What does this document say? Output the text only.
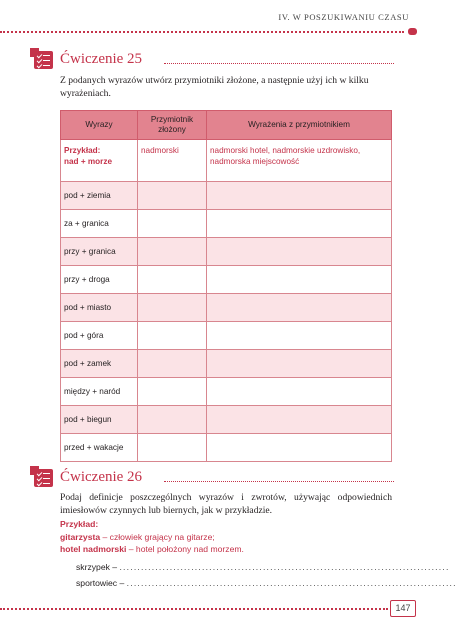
IV. W POSZUKIWANIU CZASU
Ćwiczenie 25
Z podanych wyrazów utwórz przymiotniki złożone, a następnie użyj ich w kilku wyrażeniach.
Wyrazy	Przymiotnik złożony	Wyrażenia z przymiotnikiem
Przykład:
nad + morze	nadmorski	nadmorski hotel, nadmorskie uzdrowisko, nadmorska miejscowość
pod + ziemia		
za + granica		
przy + granica		
przy + droga		
pod + miasto		
pod + góra		
pod + zamek		
między + naród		
pod + biegun		
przed + wakacje		
Ćwiczenie 26
Podaj definicje poszczególnych wyrazów i zwrotów, używając odpowiednich imiesłowów czynnych lub biernych, jak w przykładzie.
Przykład:
gitarzysta – człowiek grający na gitarze;
hotel nadmorski – hotel położony nad morzem.
skrzypek – ............................................................................................
sportowiec – ............................................................................................
147
